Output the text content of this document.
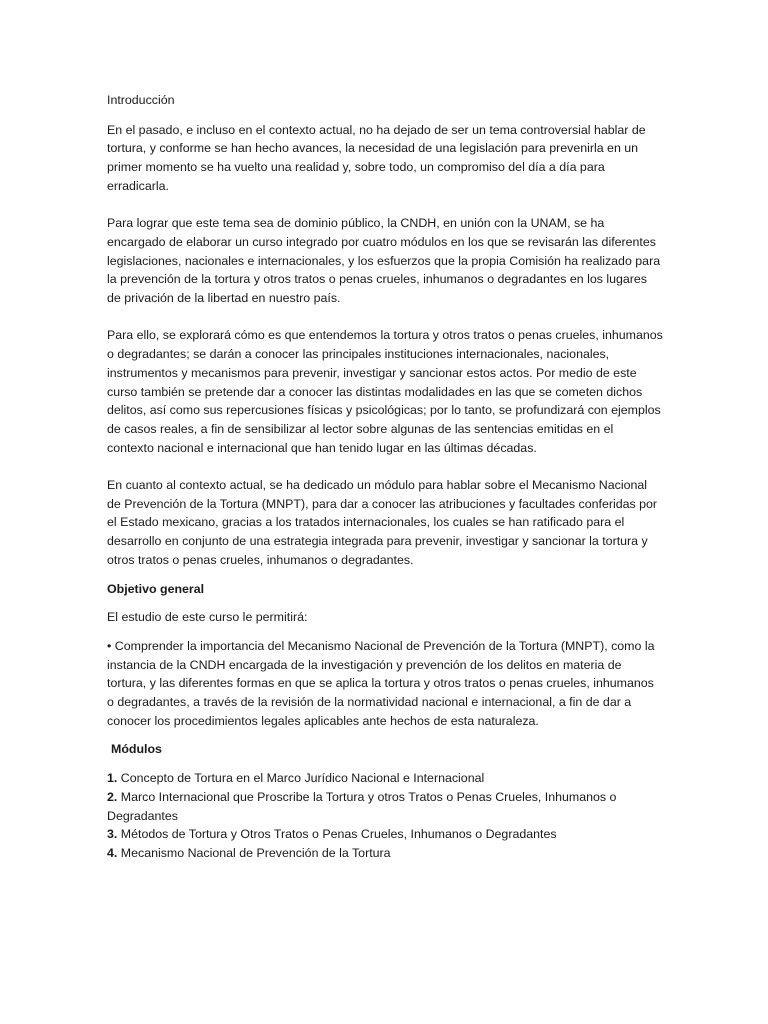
Introducción

En el pasado, e incluso en el contexto actual, no ha dejado de ser un tema controversial hablar de tortura, y conforme se han hecho avances, la necesidad de una legislación para prevenirla en un primer momento se ha vuelto una realidad y, sobre todo, un compromiso del día a día para erradicarla.

Para lograr que este tema sea de dominio público, la CNDH, en unión con la UNAM, se ha encargado de elaborar un curso integrado por cuatro módulos en los que se revisarán las diferentes legislaciones, nacionales e internacionales, y los esfuerzos que la propia Comisión ha realizado para la prevención de la tortura y otros tratos o penas crueles, inhumanos o degradantes en los lugares de privación de la libertad en nuestro país.

Para ello, se explorará cómo es que entendemos la tortura y otros tratos o penas crueles, inhumanos o degradantes; se darán a conocer las principales instituciones internacionales, nacionales, instrumentos y mecanismos para prevenir, investigar y sancionar estos actos. Por medio de este curso también se pretende dar a conocer las distintas modalidades en las que se cometen dichos delitos, así como sus repercusiones físicas y psicológicas; por lo tanto, se profundizará con ejemplos de casos reales, a fin de sensibilizar al lector sobre algunas de las sentencias emitidas en el contexto nacional e internacional que han tenido lugar en las últimas décadas.

En cuanto al contexto actual, se ha dedicado un módulo para hablar sobre el Mecanismo Nacional de Prevención de la Tortura (MNPT), para dar a conocer las atribuciones y facultades conferidas por el Estado mexicano, gracias a los tratados internacionales, los cuales se han ratificado para el desarrollo en conjunto de una estrategia integrada para prevenir, investigar y sancionar la tortura y otros tratos o penas crueles, inhumanos o degradantes.

Objetivo general

El estudio de este curso le permitirá:

• Comprender la importancia del Mecanismo Nacional de Prevención de la Tortura (MNPT), como la instancia de la CNDH encargada de la investigación y prevención de los delitos en materia de tortura, y las diferentes formas en que se aplica la tortura y otros tratos o penas crueles, inhumanos o degradantes, a través de la revisión de la normatividad nacional e internacional, a fin de dar a conocer los procedimientos legales aplicables ante hechos de esta naturaleza.

Módulos

1. Concepto de Tortura en el Marco Jurídico Nacional e Internacional
2. Marco Internacional que Proscribe la Tortura y otros Tratos o Penas Crueles, Inhumanos o Degradantes
3. Métodos de Tortura y Otros Tratos o Penas Crueles, Inhumanos o Degradantes
4. Mecanismo Nacional de Prevención de la Tortura
